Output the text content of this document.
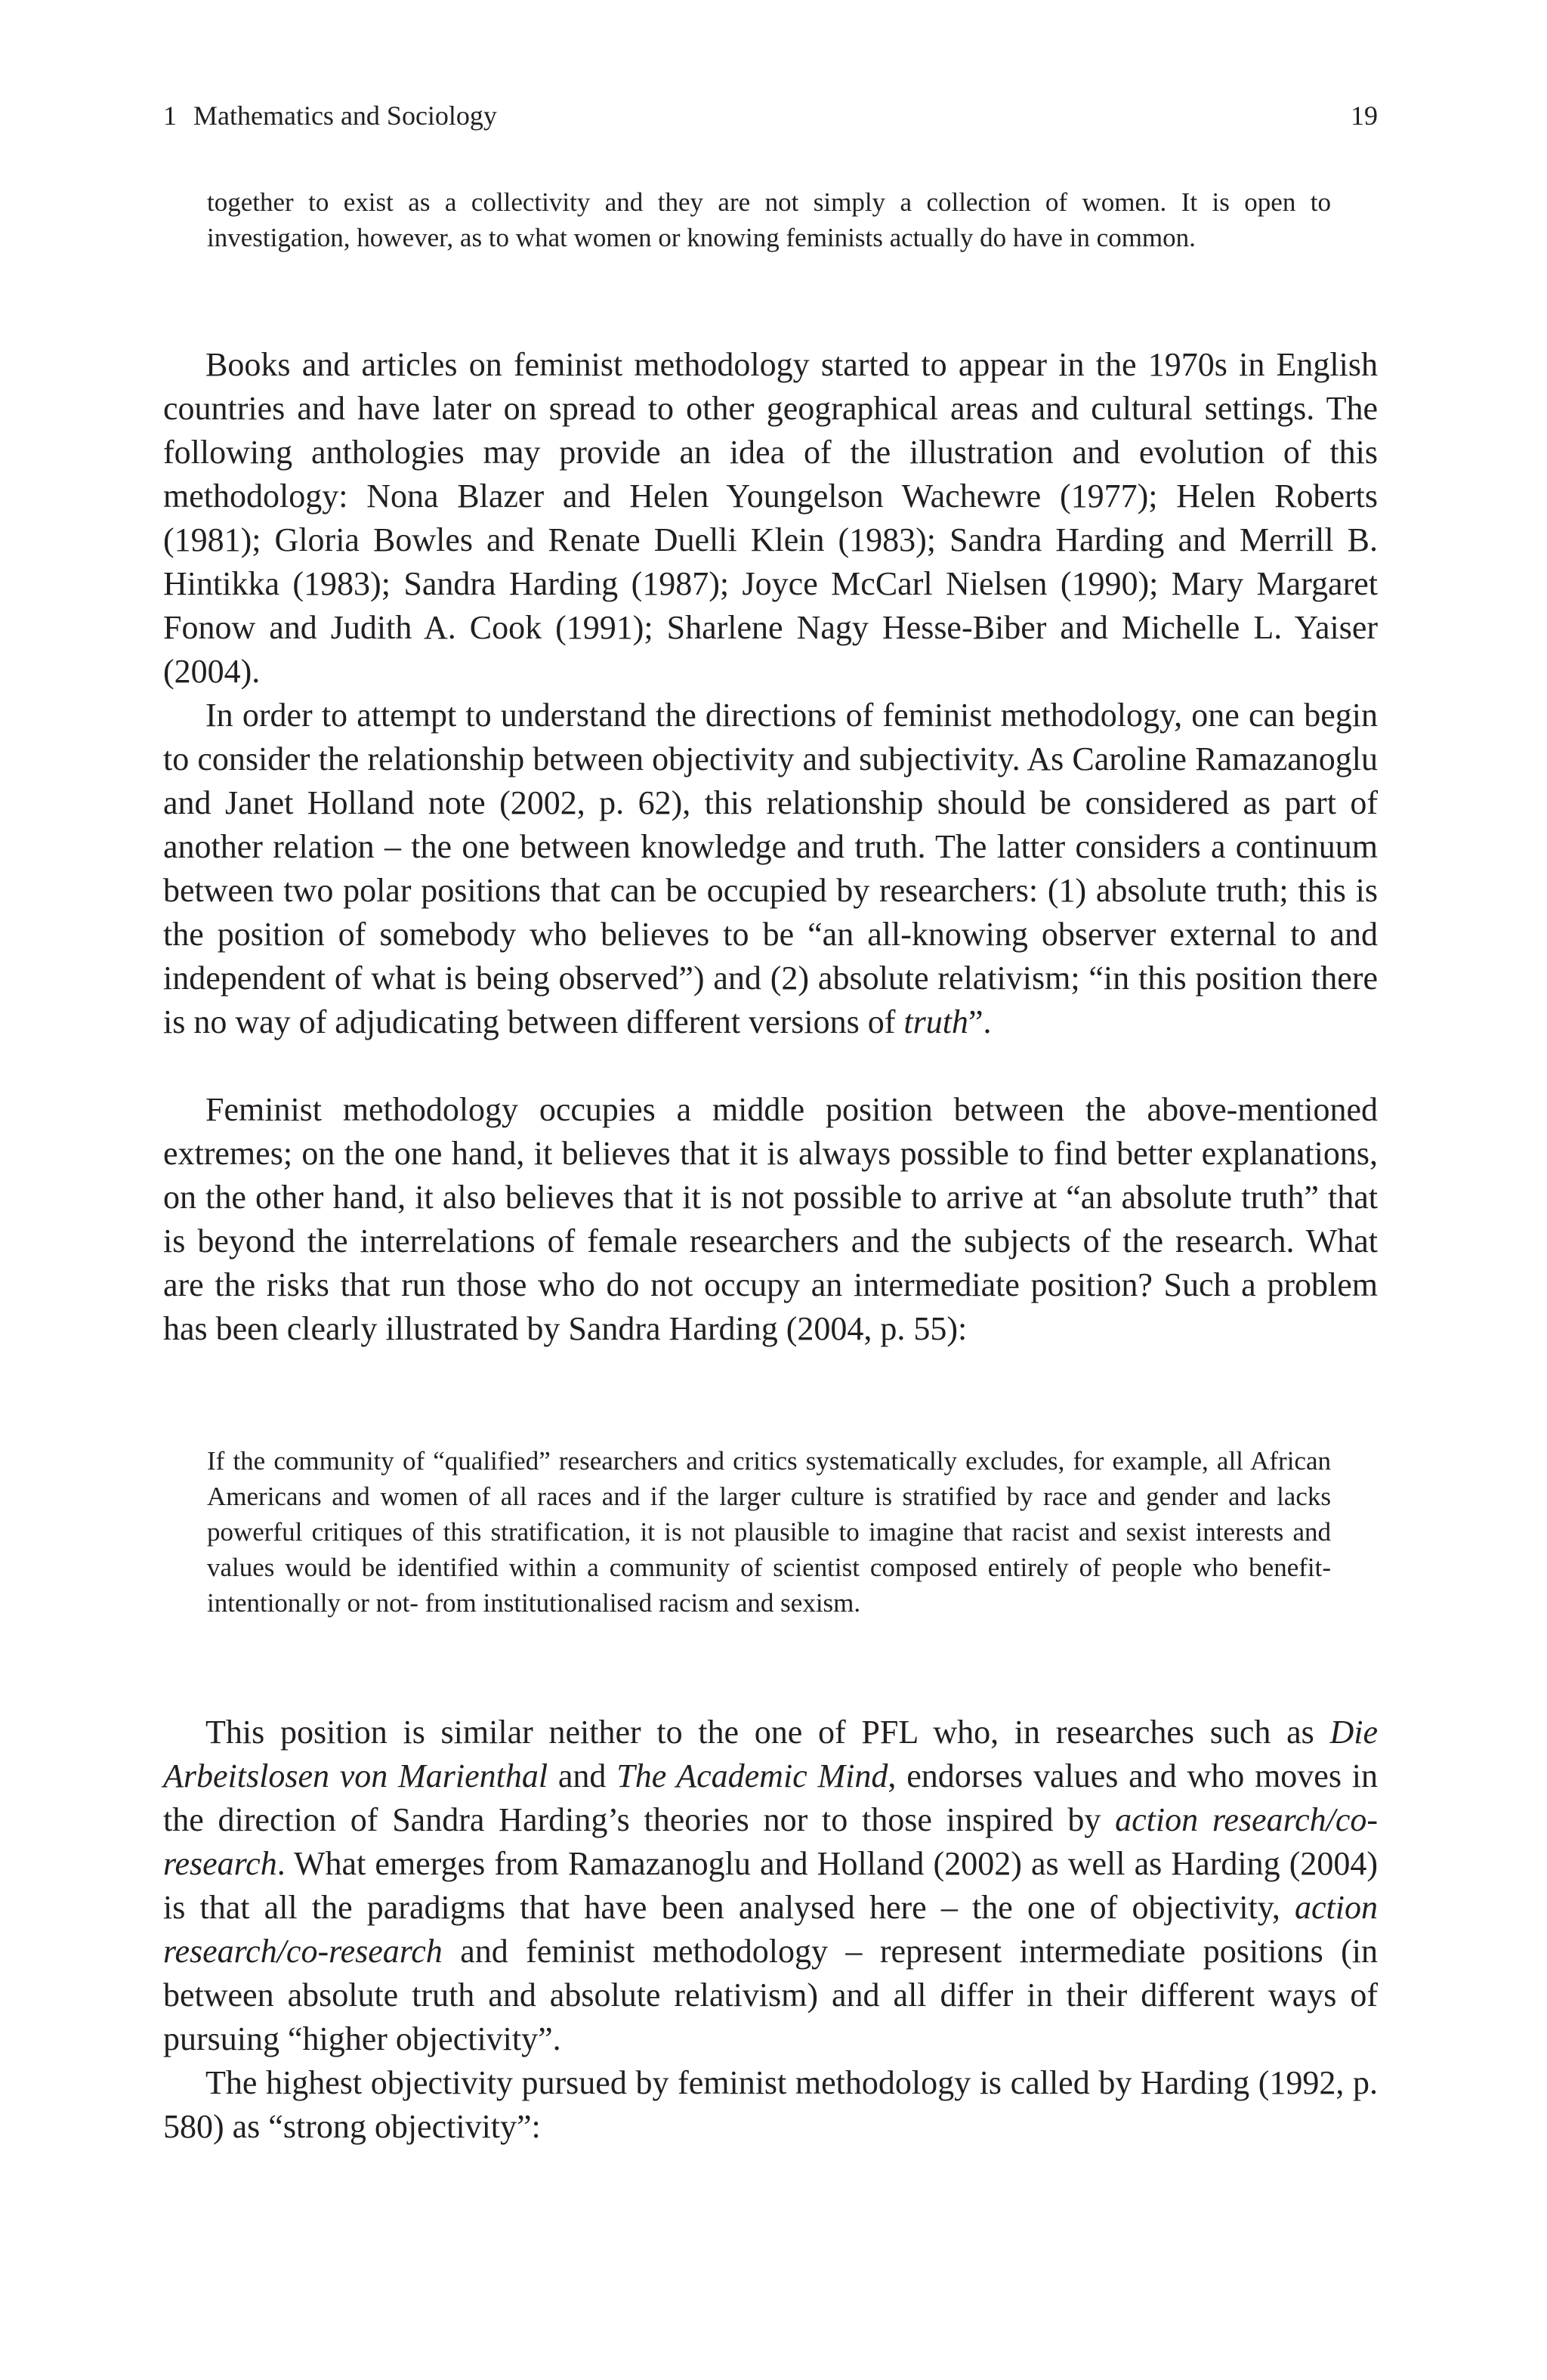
1 Mathematics and Sociology	19

together to exist as a collectivity and they are not simply a collection of women. It is open to investigation, however, as to what women or knowing feminists actually do have in common.

Books and articles on feminist methodology started to appear in the 1970s in English countries and have later on spread to other geographical areas and cultural settings. The following anthologies may provide an idea of the illustration and evolution of this methodology: Nona Blazer and Helen Youngelson Wachewre (1977); Helen Roberts (1981); Gloria Bowles and Renate Duelli Klein (1983); Sandra Harding and Merrill B. Hintikka (1983); Sandra Harding (1987); Joyce McCarl Nielsen (1990); Mary Margaret Fonow and Judith A. Cook (1991); Sharlene Nagy Hesse-Biber and Michelle L. Yaiser (2004).

In order to attempt to understand the directions of feminist methodology, one can begin to consider the relationship between objectivity and subjectivity. As Caroline Ramazanoglu and Janet Holland note (2002, p. 62), this relationship should be considered as part of another relation – the one between knowledge and truth. The latter considers a continuum between two polar positions that can be occupied by researchers: (1) absolute truth; this is the position of somebody who believes to be “an all-knowing observer external to and independent of what is being observed”) and (2) absolute relativism; “in this position there is no way of adjudicating between different versions of truth”.

Feminist methodology occupies a middle position between the above-mentioned extremes; on the one hand, it believes that it is always possible to find better explanations, on the other hand, it also believes that it is not possible to arrive at “an absolute truth” that is beyond the interrelations of female researchers and the subjects of the research. What are the risks that run those who do not occupy an intermediate position? Such a problem has been clearly illustrated by Sandra Harding (2004, p. 55):

If the community of “qualified” researchers and critics systematically excludes, for example, all African Americans and women of all races and if the larger culture is stratified by race and gender and lacks powerful critiques of this stratification, it is not plausible to imagine that racist and sexist interests and values would be identified within a community of scientist composed entirely of people who benefit-intentionally or not- from institutionalised racism and sexism.

This position is similar neither to the one of PFL who, in researches such as Die Arbeitslosen von Marienthal and The Academic Mind, endorses values and who moves in the direction of Sandra Harding’s theories nor to those inspired by action research/co-research. What emerges from Ramazanoglu and Holland (2002) as well as Harding (2004) is that all the paradigms that have been analysed here – the one of objectivity, action research/co-research and feminist methodology – represent intermediate positions (in between absolute truth and absolute relativism) and all differ in their different ways of pursuing “higher objectivity”.

The highest objectivity pursued by feminist methodology is called by Harding (1992, p. 580) as “strong objectivity”:
